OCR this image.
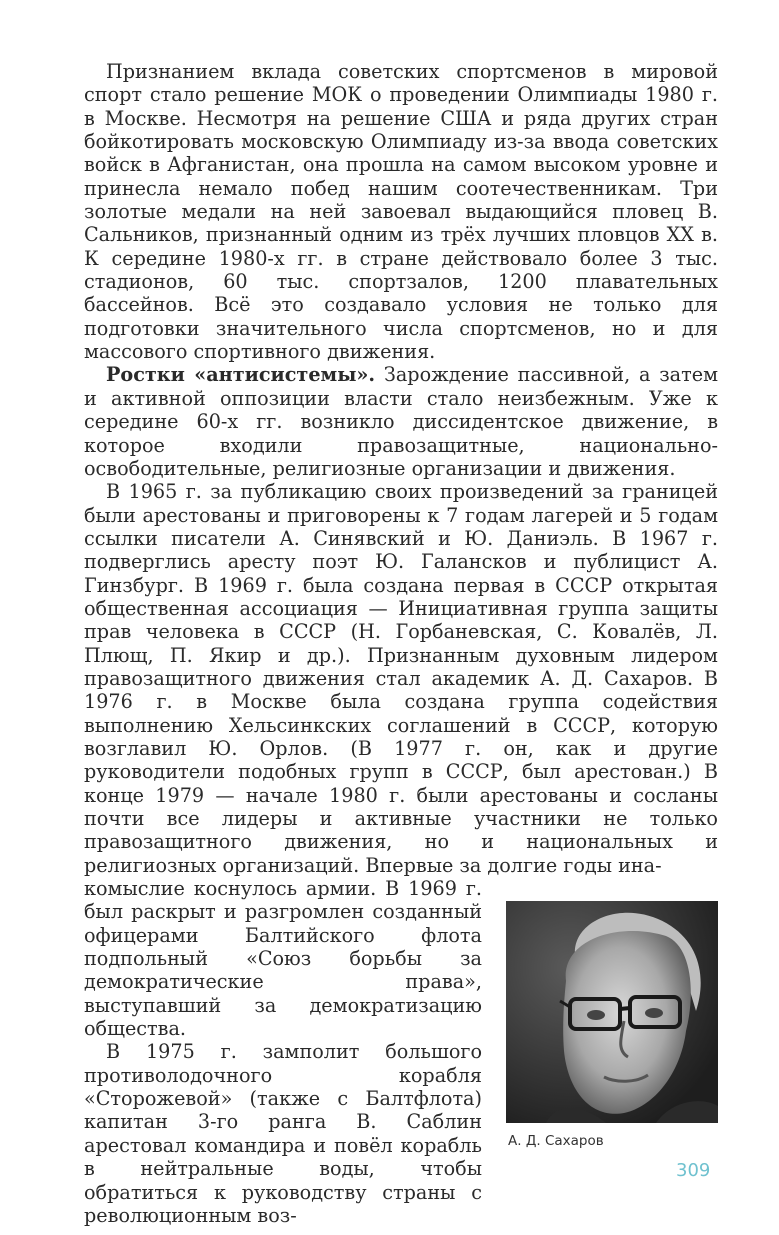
Признанием вклада советских спортсменов в мировой спорт стало решение МОК о проведении Олимпиады 1980 г. в Москве. Несмотря на решение США и ряда других стран бойкотировать московскую Олимпиаду из-за ввода советских войск в Афганистан, она прошла на самом высоком уровне и принесла немало побед нашим соотечественникам. Три золотые медали на ней завоевал выдающийся пловец В. Сальников, признанный одним из трёх лучших пловцов XX в. К середине 1980-х гг. в стране действовало более 3 тыс. стадионов, 60 тыс. спортзалов, 1200 плавательных бассейнов. Всё это создавало условия не только для подготовки значительного числа спортсменов, но и для массового спортивного движения.

Ростки «антисистемы». Зарождение пассивной, а затем и активной оппозиции власти стало неизбежным. Уже к середине 60-х гг. возникло диссидентское движение, в которое входили правозащитные, национально-освободительные, религиозные организации и движения.

В 1965 г. за публикацию своих произведений за границей были арестованы и приговорены к 7 годам лагерей и 5 годам ссылки писатели А. Синявский и Ю. Даниэль. В 1967 г. подверглись аресту поэт Ю. Галансков и публицист А. Гинзбург. В 1969 г. была создана первая в СССР открытая общественная ассоциация — Инициативная группа защиты прав человека в СССР (Н. Горбаневская, С. Ковалёв, Л. Плющ, П. Якир и др.). Признанным духовным лидером правозащитного движения стал академик А. Д. Сахаров. В 1976 г. в Москве была создана группа содействия выполнению Хельсинкских соглашений в СССР, которую возглавил Ю. Орлов. (В 1977 г. он, как и другие руководители подобных групп в СССР, был арестован.) В конце 1979 — начале 1980 г. были арестованы и сосланы почти все лидеры и активные участники не только правозащитного движения, но и национальных и религиозных организаций. Впервые за долгие годы ина-

комыслие коснулось армии. В 1969 г. был раскрыт и разгромлен созданный офицерами Балтийского флота подпольный «Союз борьбы за демократические права», выступавший за демократизацию общества.

В 1975 г. замполит большого противолодочного корабля «Сторожевой» (также с Балтфлота) капитан 3-го ранга В. Саблин арестовал командира и повёл корабль в нейтральные воды, чтобы обратиться к руководству страны с революционным воз-

А. Д. Сахаров
309
